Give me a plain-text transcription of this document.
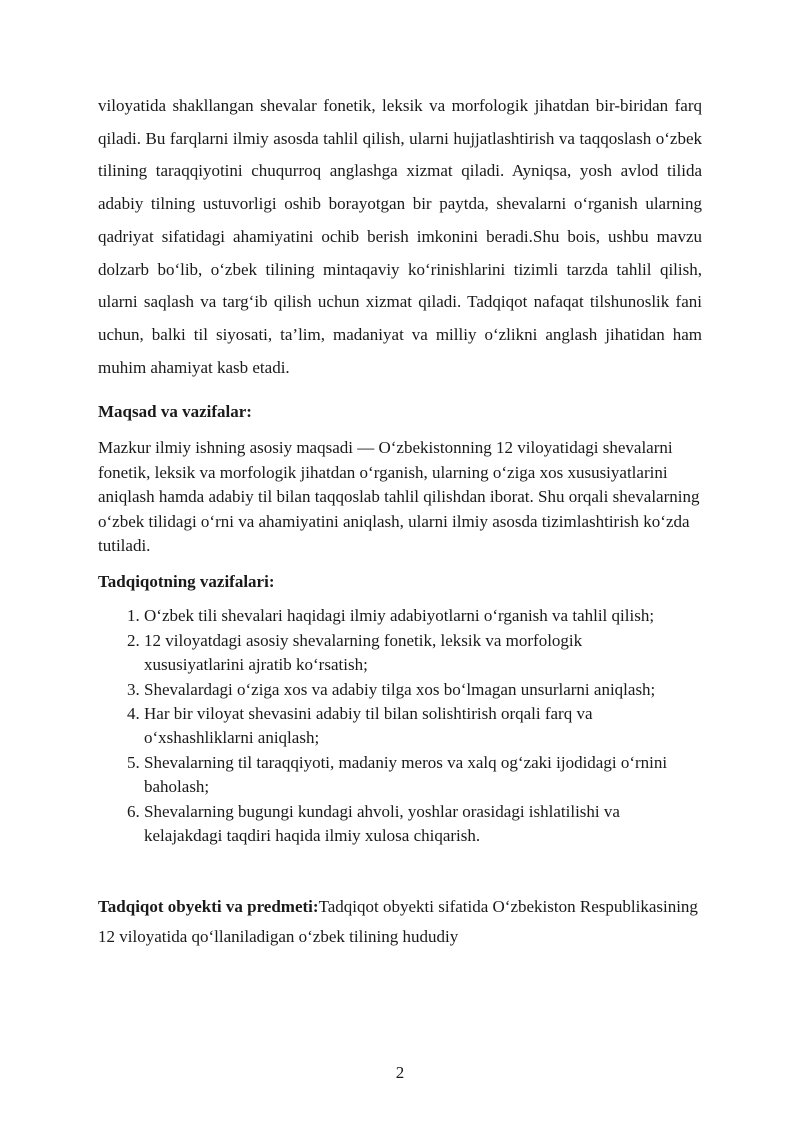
viloyatida shakllangan shevalar fonetik, leksik va morfologik jihatdan bir-biridan farq qiladi. Bu farqlarni ilmiy asosda tahlil qilish, ularni hujjatlashtirish va taqqoslash o‘zbek tilining taraqqiyotini chuqurroq anglashga xizmat qiladi. Ayniqsa, yosh avlod tilida adabiy tilning ustuvorligi oshib borayotgan bir paytda, shevalarni o‘rganish ularning qadriyat sifatidagi ahamiyatini ochib berish imkonini beradi.Shu bois, ushbu mavzu dolzarb bo‘lib, o‘zbek tilining mintaqaviy ko‘rinishlarini tizimli tarzda tahlil qilish, ularni saqlash va targ‘ib qilish uchun xizmat qiladi. Tadqiqot nafaqat tilshunoslik fani uchun, balki til siyosati, ta’lim, madaniyat va milliy o‘zlikni anglash jihatidan ham muhim ahamiyat kasb etadi.

Maqsad va vazifalar:

Mazkur ilmiy ishning asosiy maqsadi — O‘zbekistonning 12 viloyatidagi shevalarni fonetik, leksik va morfologik jihatdan o‘rganish, ularning o‘ziga xos xususiyatlarini aniqlash hamda adabiy til bilan taqqoslab tahlil qilishdan iborat. Shu orqali shevalarning o‘zbek tilidagi o‘rni va ahamiyatini aniqlash, ularni ilmiy asosda tizimlashtirish ko‘zda tutiladi.

Tadqiqotning vazifalari:

1. O‘zbek tili shevalari haqidagi ilmiy adabiyotlarni o‘rganish va tahlil qilish;
2. 12 viloyatdagi asosiy shevalarning fonetik, leksik va morfologik xususiyatlarini ajratib ko‘rsatish;
3. Shevalardagi o‘ziga xos va adabiy tilga xos bo‘lmagan unsurlarni aniqlash;
4. Har bir viloyat shevasini adabiy til bilan solishtirish orqali farq va o‘xshashliklarni aniqlash;
5. Shevalarning til taraqqiyoti, madaniy meros va xalq og‘zaki ijodidagi o‘rnini baholash;
6. Shevalarning bugungi kundagi ahvoli, yoshlar orasidagi ishlatilishi va kelajakdagi taqdiri haqida ilmiy xulosa chiqarish.

Tadqiqot obyekti va predmeti:Tadqiqot obyekti sifatida O‘zbekiston Respublikasining 12 viloyatida qo‘llaniladigan o‘zbek tilining hududiy

2
